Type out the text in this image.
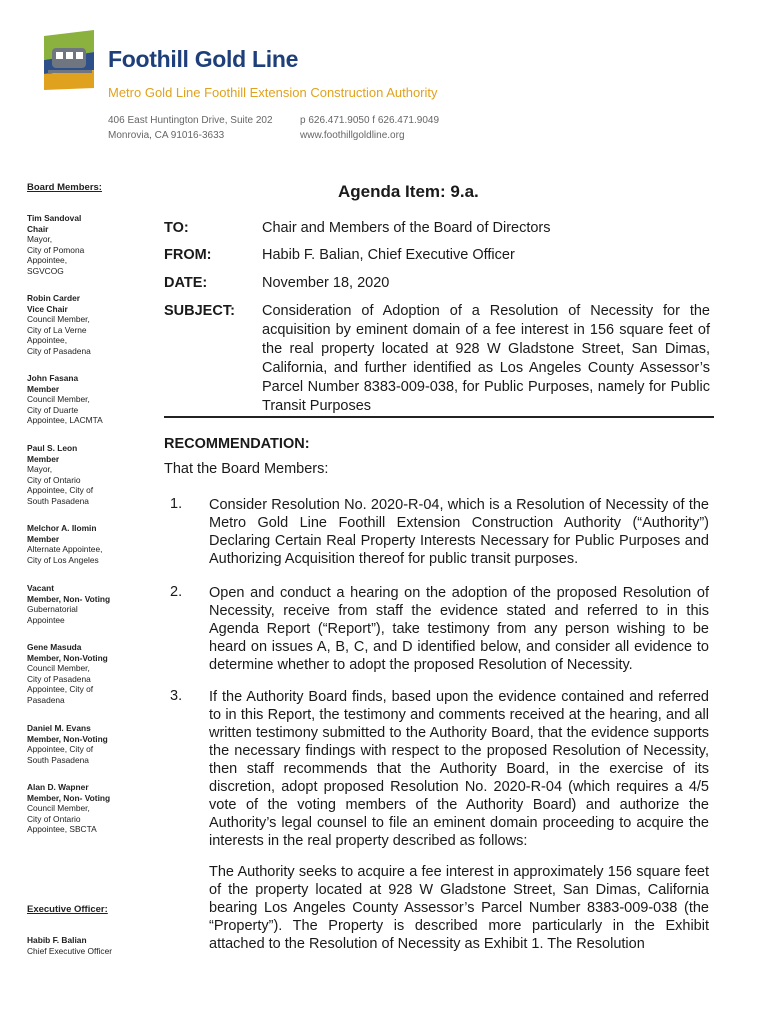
Foothill Gold Line
Metro Gold Line Foothill Extension Construction Authority
406 East Huntington Drive, Suite 202
Monrovia, CA 91016-3633
p 626.471.9050 f 626.471.9049
www.foothillgoldline.org
Board Members:
Tim Sandoval
Chair
Mayor,
City of Pomona
Appointee,
SGVCOG
Robin Carder
Vice Chair
Council Member,
City of La Verne
Appointee,
City of Pasadena
John Fasana
Member
Council Member,
City of Duarte
Appointee, LACMTA
Paul S. Leon
Member
Mayor,
City of Ontario
Appointee, City of
South Pasadena
Melchor A. Ilomin
Member
Alternate Appointee,
City of Los Angeles
Vacant
Member, Non- Voting
Gubernatorial
Appointee
Gene Masuda
Member, Non-Voting
Council Member,
City of Pasadena
Appointee, City of
Pasadena
Daniel M. Evans
Member, Non-Voting
Appointee, City of
South Pasadena
Alan D. Wapner
Member, Non- Voting
Council Member,
City of Ontario
Appointee, SBCTA
Executive Officer:
Habib F. Balian
Chief Executive Officer
Agenda Item: 9.a.
TO:	Chair and Members of the Board of Directors
FROM:	Habib F. Balian, Chief Executive Officer
DATE:	November 18, 2020
SUBJECT: Consideration of Adoption of a Resolution of Necessity for the acquisition by eminent domain of a fee interest in 156 square feet of the real property located at 928 W Gladstone Street, San Dimas, California, and further identified as Los Angeles County Assessor’s Parcel Number 8383-009-038, for Public Purposes, namely for Public Transit Purposes
RECOMMENDATION:
That the Board Members:
1. Consider Resolution No. 2020-R-04, which is a Resolution of Necessity of the Metro Gold Line Foothill Extension Construction Authority (“Authority”) Declaring Certain Real Property Interests Necessary for Public Purposes and Authorizing Acquisition thereof for public transit purposes.
2. Open and conduct a hearing on the adoption of the proposed Resolution of Necessity, receive from staff the evidence stated and referred to in this Agenda Report (“Report”), take testimony from any person wishing to be heard on issues A, B, C, and D identified below, and consider all evidence to determine whether to adopt the proposed Resolution of Necessity.
3. If the Authority Board finds, based upon the evidence contained and referred to in this Report, the testimony and comments received at the hearing, and all written testimony submitted to the Authority Board, that the evidence supports the necessary findings with respect to the proposed Resolution of Necessity, then staff recommends that the Authority Board, in the exercise of its discretion, adopt proposed Resolution No. 2020-R-04 (which requires a 4/5 vote of the voting members of the Authority Board) and authorize the Authority’s legal counsel to file an eminent domain proceeding to acquire the interests in the real property described as follows:
The Authority seeks to acquire a fee interest in approximately 156 square feet of the property located at 928 W Gladstone Street, San Dimas, California bearing Los Angeles County Assessor’s Parcel Number 8383-009-038 (the “Property”). The Property is described more particularly in the Exhibit attached to the Resolution of Necessity as Exhibit 1. The Resolution
